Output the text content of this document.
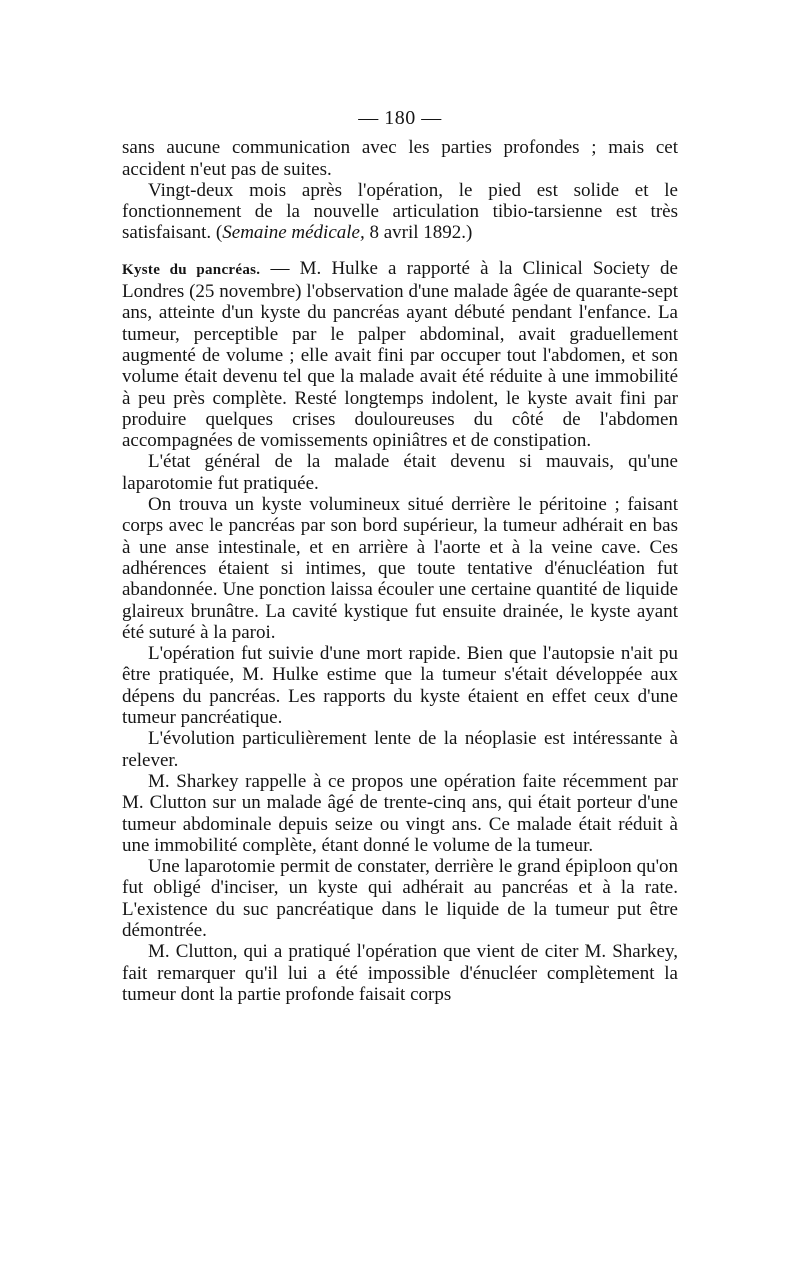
— 180 —

sans aucune communication avec les parties profondes ; mais cet accident n'eut pas de suites.

Vingt-deux mois après l'opération, le pied est solide et le fonctionnement de la nouvelle articulation tibio-tarsienne est très satisfaisant. (Semaine médicale, 8 avril 1892.)

Kyste du pancréas. — M. Hulke a rapporté à la Clinical Society de Londres (25 novembre) l'observation d'une malade âgée de quarante-sept ans, atteinte d'un kyste du pancréas ayant débuté pendant l'enfance. La tumeur, perceptible par le palper abdominal, avait graduellement augmenté de volume ; elle avait fini par occuper tout l'abdomen, et son volume était devenu tel que la malade avait été réduite à une immobilité à peu près complète. Resté longtemps indolent, le kyste avait fini par produire quelques crises douloureuses du côté de l'abdomen accompagnées de vomissements opiniâtres et de constipation.

L'état général de la malade était devenu si mauvais, qu'une laparotomie fut pratiquée.

On trouva un kyste volumineux situé derrière le péritoine ; faisant corps avec le pancréas par son bord supérieur, la tumeur adhérait en bas à une anse intestinale, et en arrière à l'aorte et à la veine cave. Ces adhérences étaient si intimes, que toute tentative d'énucléation fut abandonnée. Une ponction laissa écouler une certaine quantité de liquide glaireux brunâtre. La cavité kystique fut ensuite drainée, le kyste ayant été suturé à la paroi.

L'opération fut suivie d'une mort rapide. Bien que l'autopsie n'ait pu être pratiquée, M. Hulke estime que la tumeur s'était développée aux dépens du pancréas. Les rapports du kyste étaient en effet ceux d'une tumeur pancréatique.

L'évolution particulièrement lente de la néoplasie est intéressante à relever.

M. Sharkey rappelle à ce propos une opération faite récemment par M. Clutton sur un malade âgé de trente-cinq ans, qui était porteur d'une tumeur abdominale depuis seize ou vingt ans. Ce malade était réduit à une immobilité complète, étant donné le volume de la tumeur.

Une laparotomie permit de constater, derrière le grand épiploon qu'on fut obligé d'inciser, un kyste qui adhérait au pancréas et à la rate. L'existence du suc pancréatique dans le liquide de la tumeur put être démontrée.

M. Clutton, qui a pratiqué l'opération que vient de citer M. Sharkey, fait remarquer qu'il lui a été impossible d'énucléer complètement la tumeur dont la partie profonde faisait corps
